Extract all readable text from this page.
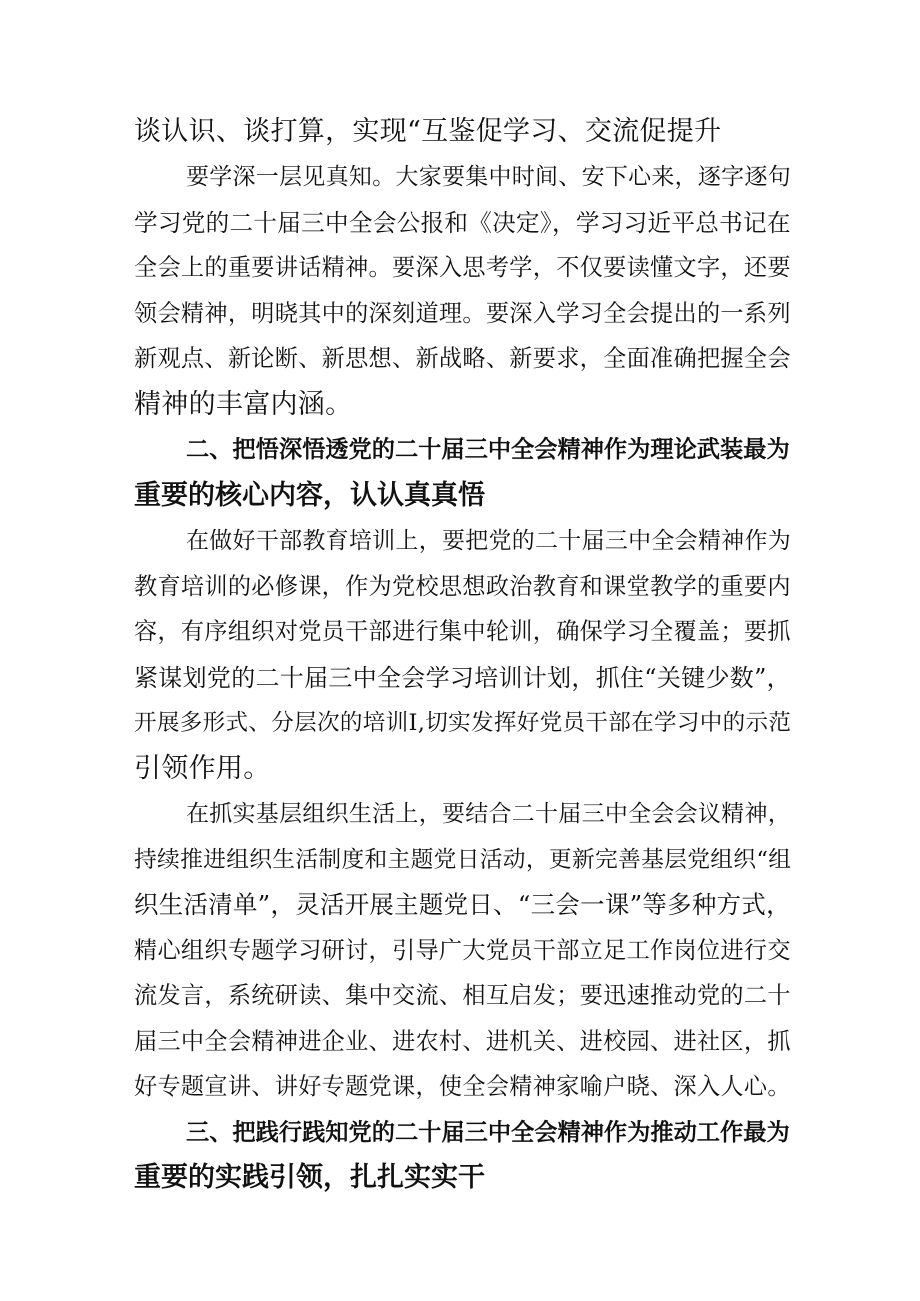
谈认识、谈打算，实现“互鉴促学习、交流促提升
要学深一层见真知。大家要集中时间、安下心来，逐字逐句
学习党的二十届三中全会公报和《决定》，学习习近平总书记在
全会上的重要讲话精神。要深入思考学，不仅要读懂文字，还要
领会精神，明晓其中的深刻道理。要深入学习全会提出的一系列
新观点、新论断、新思想、新战略、新要求，全面准确把握全会
精神的丰富内涵。
二、把悟深悟透党的二十届三中全会精神作为理论武装最为
重要的核心内容，认认真真悟
在做好干部教育培训上，要把党的二十届三中全会精神作为
教育培训的必修课，作为党校思想政治教育和课堂教学的重要内
容，有序组织对党员干部进行集中轮训，确保学习全覆盖；要抓
紧谋划党的二十届三中全会学习培训计划，抓住“关键少数”，
开展多形式、分层次的培训I,切实发挥好党员干部在学习中的示范
引领作用。
在抓实基层组织生活上，要结合二十届三中全会会议精神，
持续推进组织生活制度和主题党日活动，更新完善基层党组织“组
织生活清单”，灵活开展主题党日、“三会一课”等多种方式，
精心组织专题学习研讨，引导广大党员干部立足工作岗位进行交
流发言，系统研读、集中交流、相互启发；要迅速推动党的二十
届三中全会精神进企业、进农村、进机关、进校园、进社区，抓
好专题宣讲、讲好专题党课，使全会精神家喻户晓、深入人心。
三、把践行践知党的二十届三中全会精神作为推动工作最为
重要的实践引领，扎扎实实干
